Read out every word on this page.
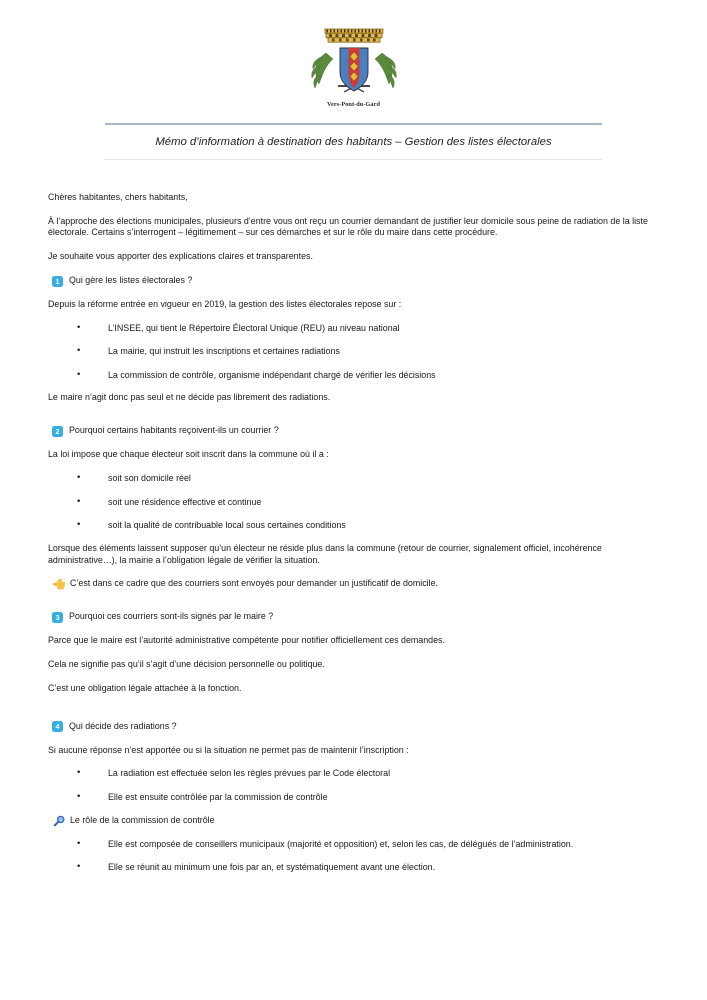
Vers-Pont-du-Gard
Mémo d’information à destination des habitants – Gestion des listes électorales

Chères habitantes, chers habitants,

À l’approche des élections municipales, plusieurs d’entre vous ont reçu un courrier demandant de justifier leur domicile sous peine de radiation de la liste électorale. Certains s’interrogent – légitimement – sur ces démarches et sur le rôle du maire dans cette procédure.

Je souhaite vous apporter des explications claires et transparentes.

1	Qui gère les listes électorales ?

Depuis la réforme entrée en vigueur en 2019, la gestion des listes électorales repose sur :

• L’INSEE, qui tient le Répertoire Électoral Unique (REU) au niveau national
• La mairie, qui instruit les inscriptions et certaines radiations
• La commission de contrôle, organisme indépendant chargé de vérifier les décisions

Le maire n’agit donc pas seul et ne décide pas librement des radiations.

2	Pourquoi certains habitants reçoivent-ils un courrier ?

La loi impose que chaque électeur soit inscrit dans la commune où il a :

• soit son domicile réel
• soit une résidence effective et continue
• soit la qualité de contribuable local sous certaines conditions

Lorsque des éléments laissent supposer qu’un électeur ne réside plus dans la commune (retour de courrier, signalement officiel, incohérence administrative…), la mairie a l’obligation légale de vérifier la situation.

C’est dans ce cadre que des courriers sont envoyés pour demander un justificatif de domicile.
3	Pourquoi ces courriers sont-ils signés par le maire ?

Parce que le maire est l’autorité administrative compétente pour notifier officiellement ces demandes.

Cela ne signifie pas qu’il s’agit d’une décision personnelle ou politique.

C’est une obligation légale attachée à la fonction.

4	Qui décide des radiations ?

Si aucune réponse n’est apportée ou si la situation ne permet pas de maintenir l’inscription :

• La radiation est effectuée selon les règles prévues par le Code électoral
• Elle est ensuite contrôlée par la commission de contrôle
Le rôle de la commission de contrôle
• Elle est composée de conseillers municipaux (majorité et opposition) et, selon les cas, de délégués de l’administration.
• Elle se réunit au minimum une fois par an, et systématiquement avant une élection.
